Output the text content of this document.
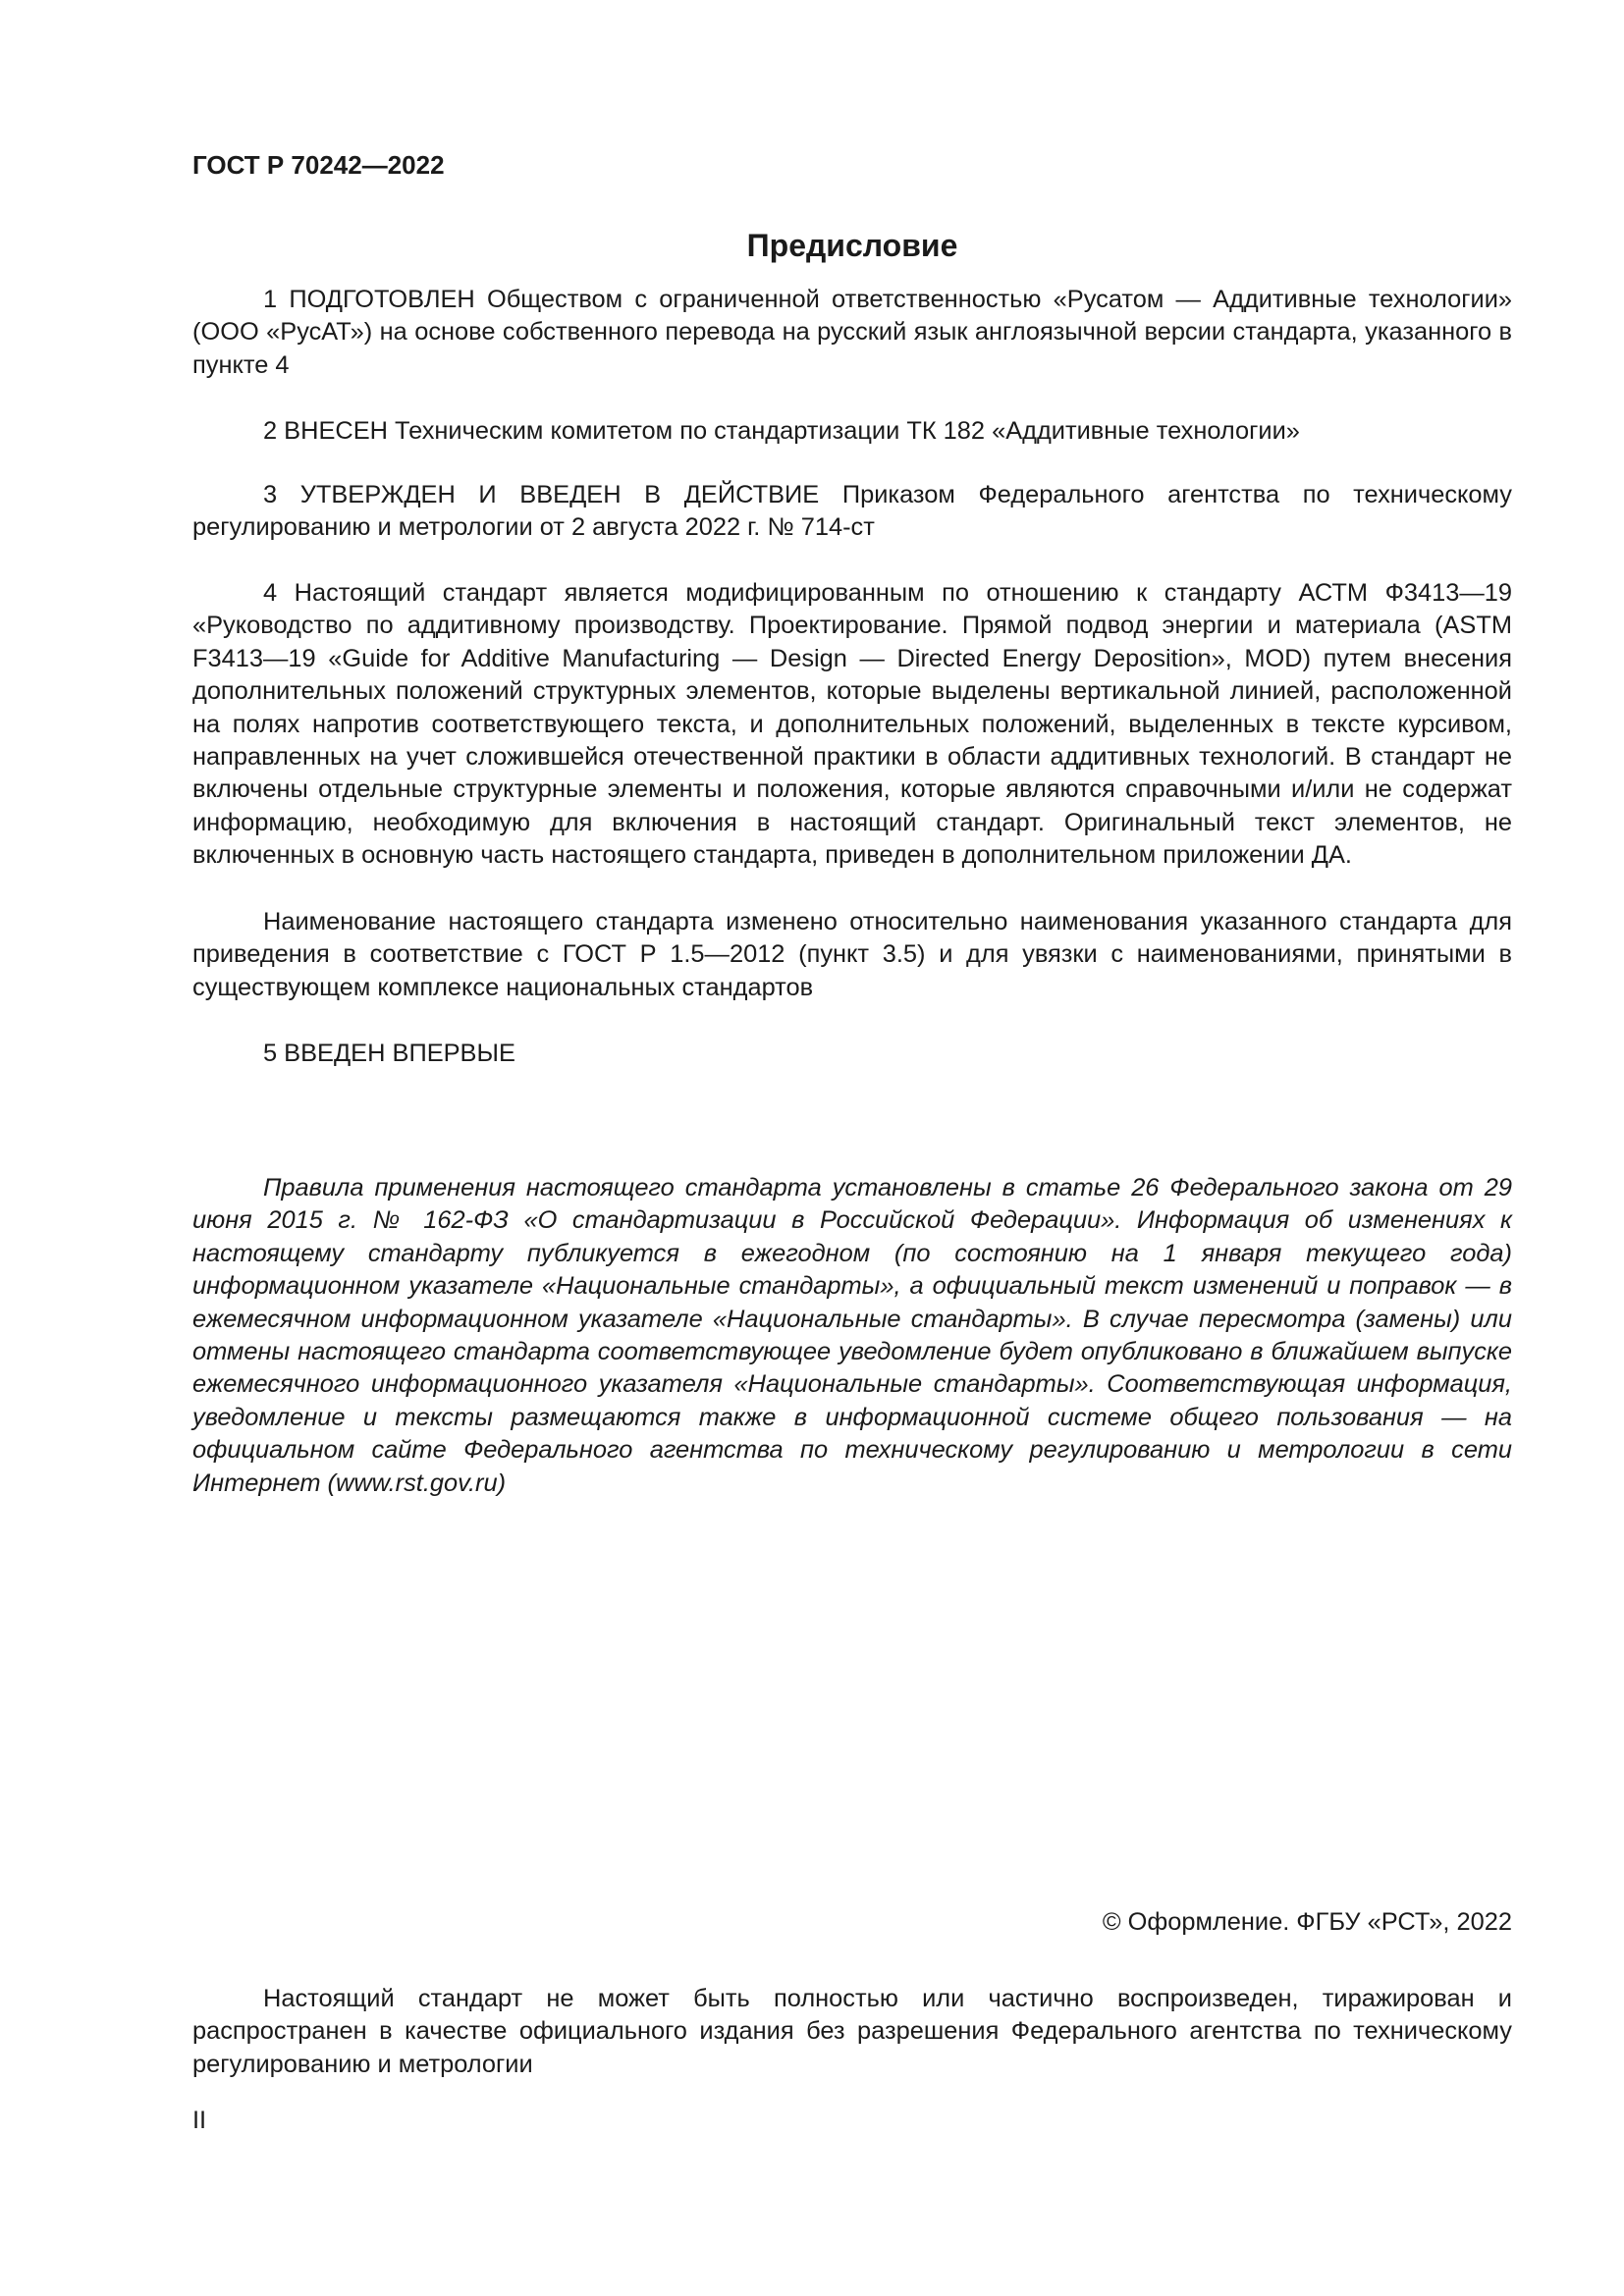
ГОСТ Р 70242—2022
Предисловие

1 ПОДГОТОВЛЕН Обществом с ограниченной ответственностью «Русатом — Аддитивные технологии» (ООО «РусАТ») на основе собственного перевода на русский язык англоязычной версии стандарта, указанного в пункте 4

2 ВНЕСЕН Техническим комитетом по стандартизации ТК 182 «Аддитивные технологии»

3 УТВЕРЖДЕН И ВВЕДЕН В ДЕЙСТВИЕ Приказом Федерального агентства по техническому регулированию и метрологии от 2 августа 2022 г. № 714-ст

4 Настоящий стандарт является модифицированным по отношению к стандарту АСТМ Ф3413—19 «Руководство по аддитивному производству. Проектирование. Прямой подвод энергии и материала (ASTM F3413—19 «Guide for Additive Manufacturing — Design — Directed Energy Deposition», MOD) путем внесения дополнительных положений структурных элементов, которые выделены вертикальной линией, расположенной на полях напротив соответствующего текста, и дополнительных положений, выделенных в тексте курсивом, направленных на учет сложившейся отечественной практики в области аддитивных технологий. В стандарт не включены отдельные структурные элементы и положения, которые являются справочными и/или не содержат информацию, необходимую для включения в настоящий стандарт. Оригинальный текст элементов, не включенных в основную часть настоящего стандарта, приведен в дополнительном приложении ДА.

Наименование настоящего стандарта изменено относительно наименования указанного стандарта для приведения в соответствие с ГОСТ Р 1.5—2012 (пункт 3.5) и для увязки с наименованиями, принятыми в существующем комплексе национальных стандартов

5 ВВЕДЕН ВПЕРВЫЕ

Правила применения настоящего стандарта установлены в статье 26 Федерального закона от 29 июня 2015 г. № 162-ФЗ «О стандартизации в Российской Федерации». Информация об изменениях к настоящему стандарту публикуется в ежегодном (по состоянию на 1 января текущего года) информационном указателе «Национальные стандарты», а официальный текст изменений и поправок — в ежемесячном информационном указателе «Национальные стандарты». В случае пересмотра (замены) или отмены настоящего стандарта соответствующее уведомление будет опубликовано в ближайшем выпуске ежемесячного информационного указателя «Национальные стандарты». Соответствующая информация, уведомление и тексты размещаются также в информационной системе общего пользования — на официальном сайте Федерального агентства по техническому регулированию и метрологии в сети Интернет (www.rst.gov.ru)

© Оформление. ФГБУ «РСТ», 2022

Настоящий стандарт не может быть полностью или частично воспроизведен, тиражирован и распространен в качестве официального издания без разрешения Федерального агентства по техническому регулированию и метрологии

II
